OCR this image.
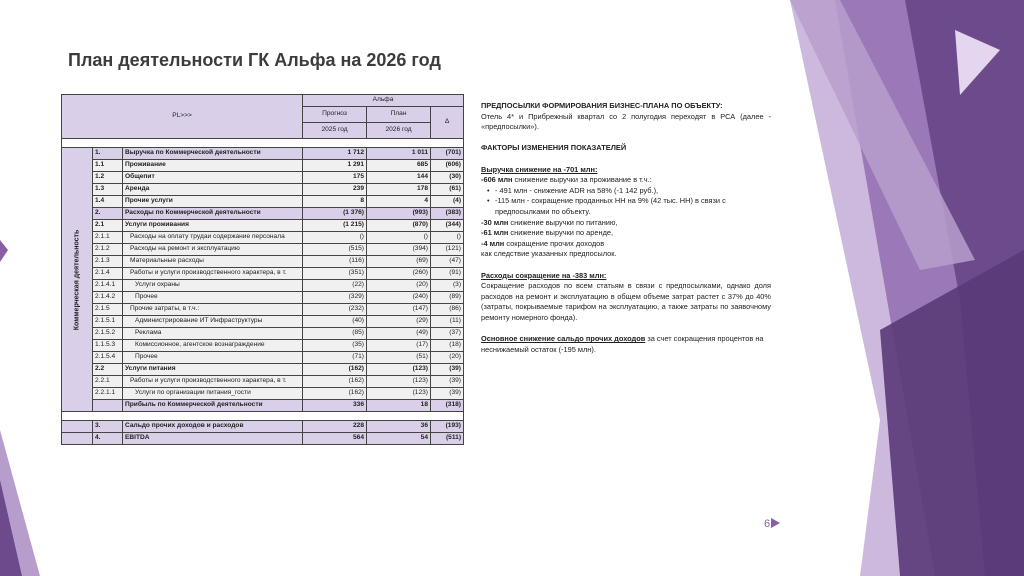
План деятельности ГК Альфа на 2026 год
PL>>>			Альфа		
			Прогноз	План	Δ
			2025 год	2026 год	

Коммерческая деятельность	1.	Выручка по Коммерческой деятельности	1 712	1 011	(701)
	1.1	Проживание	1 291	685	(606)
	1.2	Общепит	175	144	(30)
	1.3	Аренда	239	178	(61)
	1.4	Прочие услуги	8	4	(4)
	2.	Расходы по Коммерческой деятельности	(1 376)	(993)	(383)
	2.1	Услуги проживания	(1 215)	(870)	(344)
	2.1.1	Расходы на оплату трудаи содержание персонала	()	()	()
	2.1.2	Расходы на ремонт и эксплуатацию	(515)	(394)	(121)
	2.1.3	Материальные расходы	(116)	(69)	(47)
	2.1.4	Работы и услуги производственного характера, в т.	(351)	(260)	(91)
	2.1.4.1	Услуги охраны	(22)	(20)	(3)
	2.1.4.2	Прочее	(329)	(240)	(89)
	2.1.5	Прочие затраты, в т.ч.:	(232)	(147)	(86)
	2.1.5.1	Администрирование ИТ Инфраструктуры	(40)	(29)	(11)
	2.1.5.2	Реклама	(85)	(49)	(37)
	1.1.5.3	Комиссионное, агентское вознаграждение	(35)	(17)	(18)
	2.1.5.4	Прочее	(71)	(51)	(20)
	2.2	Услуги питания	(162)	(123)	(39)
	2.2.1	Работы и услуги производственного характера, в т.	(162)	(123)	(39)
	2.2.1.1	Услуги по организации питания_гости	(162)	(123)	(39)
		Прибыль по Коммерческой деятельности	336	18	(318)

	3.	Сальдо прочих доходов и расходов	228	36	(193)
	4.	EBITDA	564	54	(511)

ПРЕДПОСЫЛКИ ФОРМИРОВАНИЯ БИЗНЕС-ПЛАНА ПО ОБЪЕКТУ:

Отель 4* и Прибрежный квартал со 2 полугодия переходят в РСА (далее - «предпосылки»).

ФАКТОРЫ ИЗМЕНЕНИЯ ПОКАЗАТЕЛЕЙ

Выручка снижение на -701 млн:

-606 млн снижение выручки за проживание в т.ч.:

• - 491 млн - снижение ADR на 58% (-1 142 руб.),

• -115 млн - сокращение проданных НН на 9% (42 тыс. НН) в связи с предпосылками по объекту.

-30 млн снижение выручки по питанию,

-61 млн снижение выручки по аренде,

-4 млн сокращение прочих доходов

как следствие указанных предпосылок.

Расходы сокращение на -383 млн:

Сокращение расходов по всем статьям в связи с предпосылками, однако доля расходов на ремонт и эксплуатацию в общем объеме затрат растет с 37% до 40% (затраты, покрываемые тарифом на эксплуатацию, а также затраты по заявочному ремонту номерного фонда).

Основное снижение сальдо прочих доходов за счет сокращения процентов на неснижаемый остаток (-195 млн).

6
